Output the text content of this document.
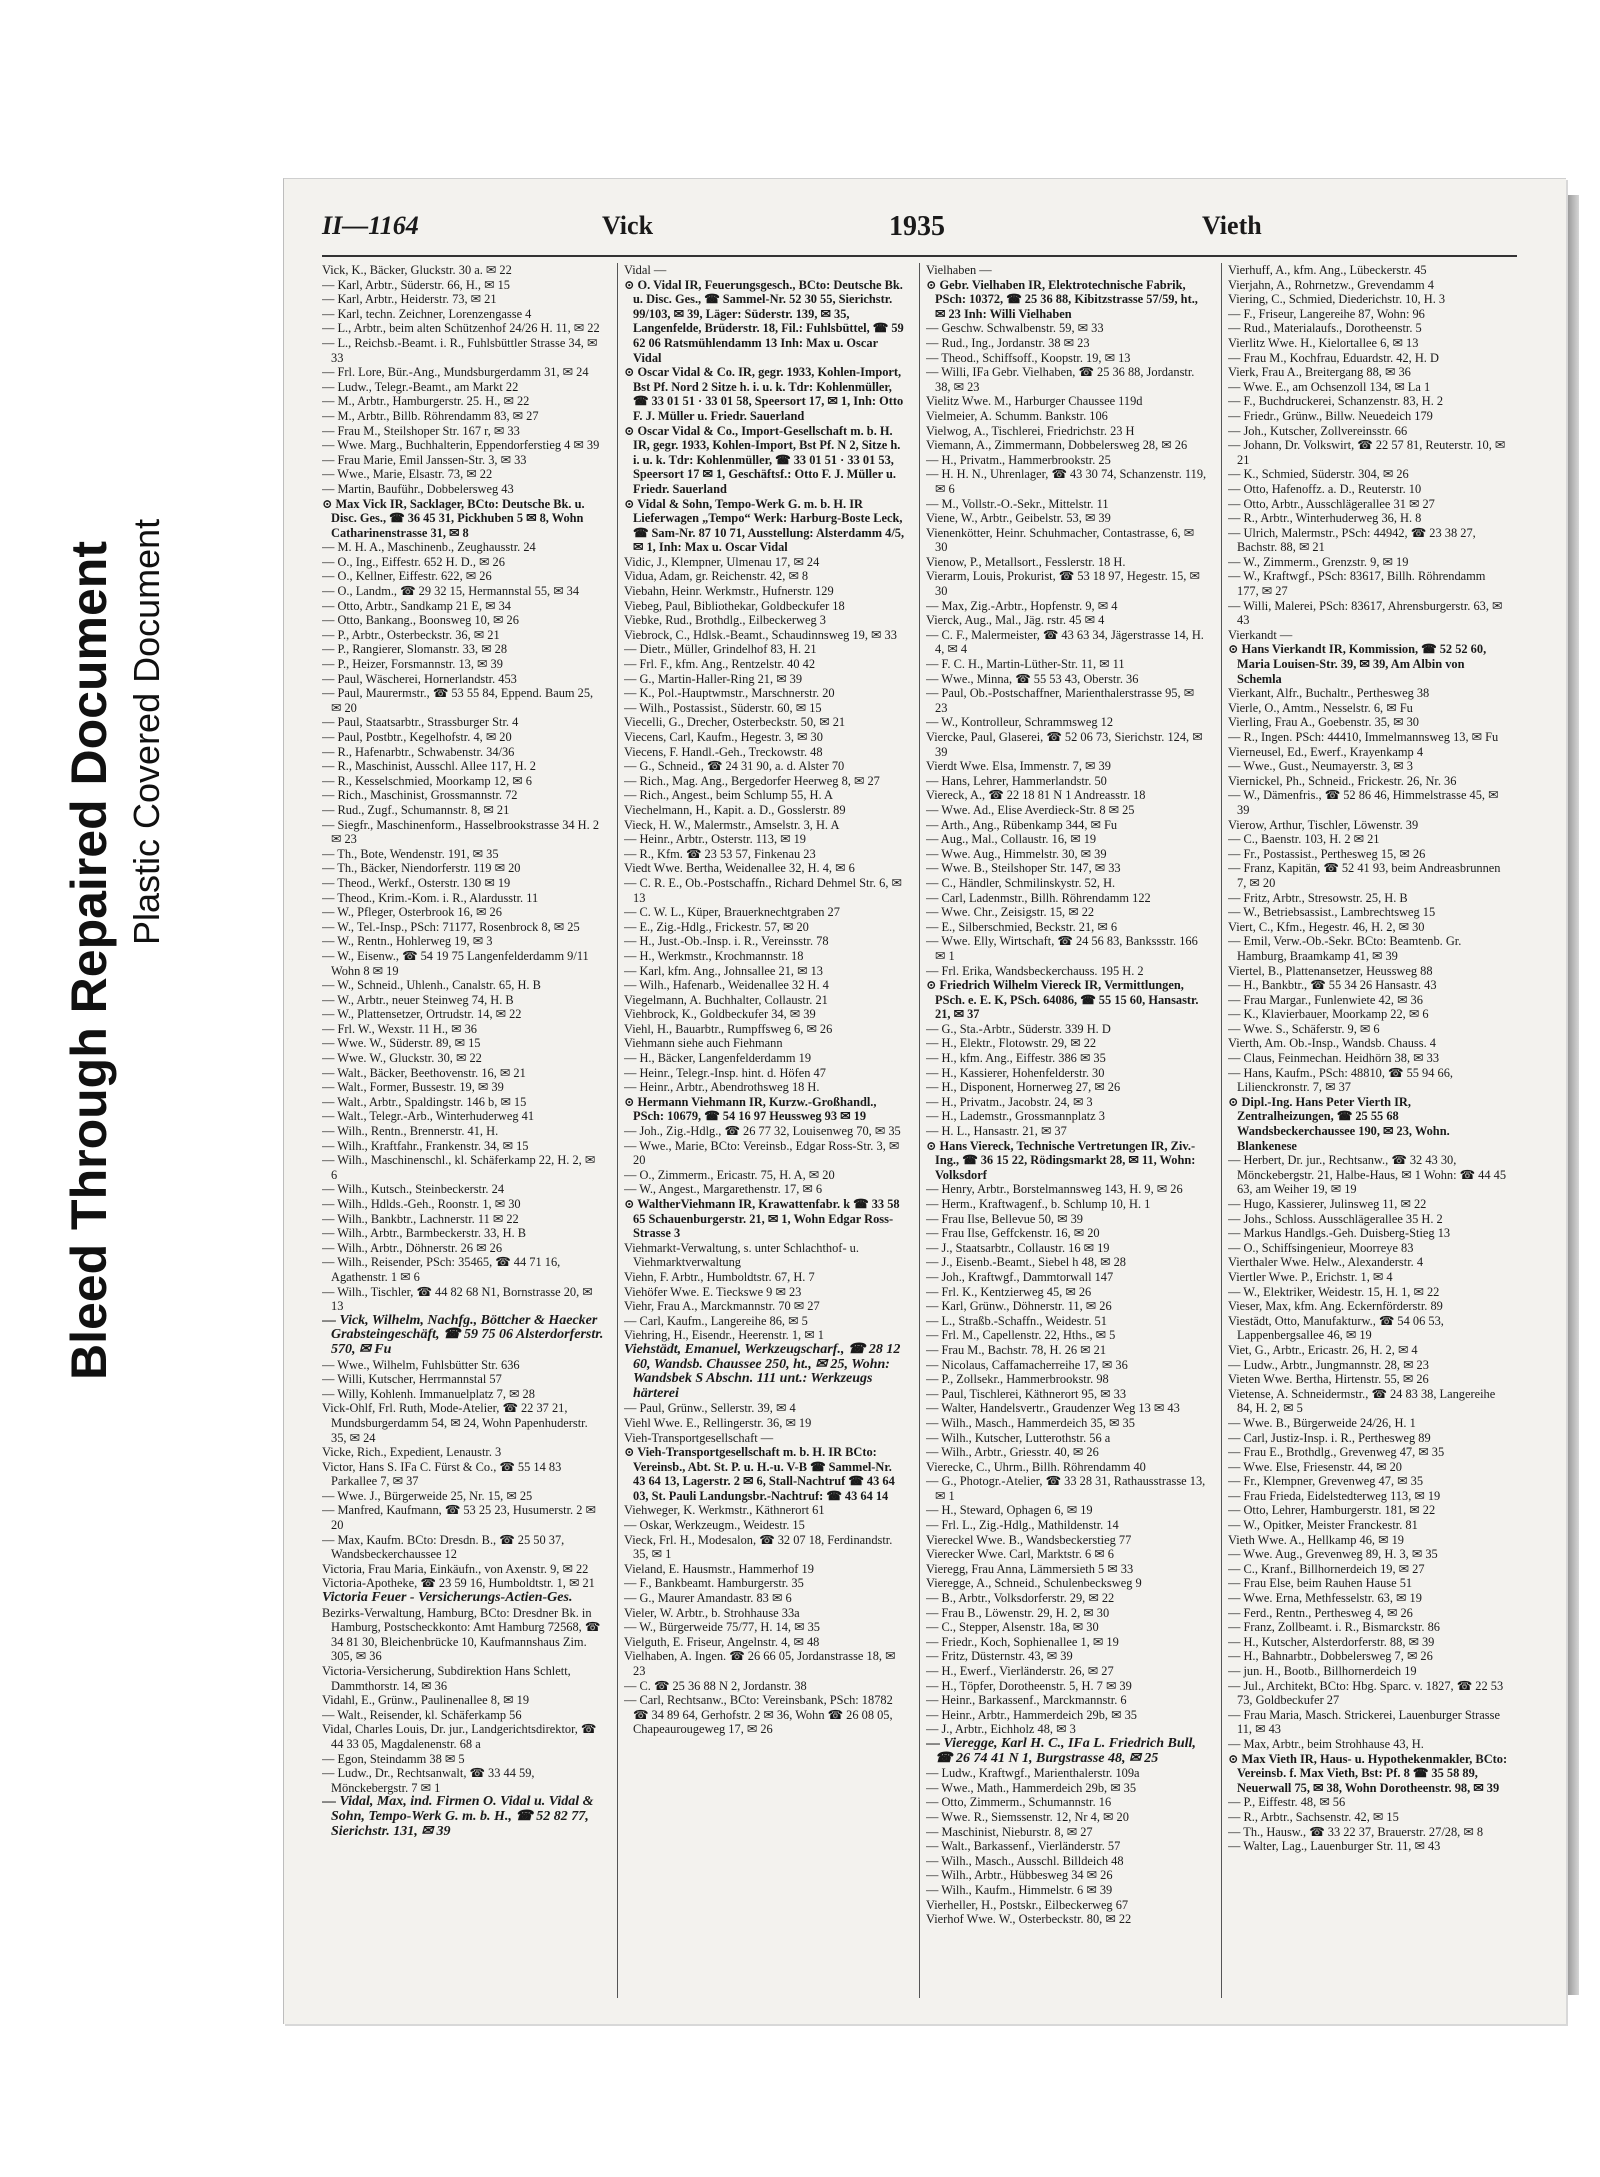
Bleed Through Repaired Document Plastic Covered Document
II—1164	Vick	1935	Vieth
Vick, K., Bäcker, Gluckstr. 30 a. ✉ 22
— Karl, Arbtr., Süderstr. 66, H., ✉ 15
— Karl, Arbtr., Heiderstr. 73, ✉ 21
— Karl, techn. Zeichner, Lorenzengasse 4
— L., Arbtr., beim alten Schützenhof 24/26 H. 11, ✉ 22
— L., Reichsb.-Beamt. i. R., Fuhlsbüttler Strasse 34, ✉ 33
— Frl. Lore, Bür.-Ang., Mundsburgerdamm 31, ✉ 24
— Ludw., Telegr.-Beamt., am Markt 22
— M., Arbtr., Hamburgerstr. 25. H., ✉ 22
— M., Arbtr., Billb. Röhrendamm 83, ✉ 27
— Frau M., Steilshoper Str. 167 r, ✉ 33
— Wwe. Marg., Buchhalterin, Eppendorferstieg 4 ✉ 39
— Frau Marie, Emil Janssen-Str. 3, ✉ 33
— Wwe., Marie, Elsastr. 73, ✉ 22
— Martin, Bauführ., Dobbelersweg 43
⊙ Max Vick IR, Sacklager, BCto: Deutsche Bk. u. Disc. Ges., ☎ 36 45 31, Pickhuben 5 ✉ 8, Wohn Catharinenstrasse 31, ✉ 8
— M. H. A., Maschinenb., Zeughausstr. 24
— O., Ing., Eiffestr. 652 H. D., ✉ 26
— O., Kellner, Eiffestr. 622, ✉ 26
— O., Landm., ☎ 29 32 15, Hermannstal 55, ✉ 34
— Otto, Arbtr., Sandkamp 21 E, ✉ 34
— Otto, Bankang., Boonsweg 10, ✉ 26
— P., Arbtr., Osterbeckstr. 36, ✉ 21
— P., Rangierer, Slomanstr. 33, ✉ 28
— P., Heizer, Forsmannstr. 13, ✉ 39
— Paul, Wäscherei, Hornerlandstr. 453
— Paul, Maurermstr., ☎ 53 55 84, Eppend. Baum 25, ✉ 20
— Paul, Staatsarbtr., Strassburger Str. 4
— Paul, Postbtr., Kegelhofstr. 4, ✉ 20
— R., Hafenarbtr., Schwabenstr. 34/36
— R., Maschinist, Ausschl. Allee 117, H. 2
— R., Kesselschmied, Moorkamp 12, ✉ 6
— Rich., Maschinist, Grossmannstr. 72
— Rud., Zugf., Schumannstr. 8, ✉ 21
— Siegfr., Maschinenform., Hasselbrookstrasse 34 H. 2 ✉ 23
— Th., Bote, Wendenstr. 191, ✉ 35
— Th., Bäcker, Niendorferstr. 119 ✉ 20
— Theod., Werkf., Osterstr. 130 ✉ 19
— Theod., Krim.-Kom. i. R., Alardusstr. 11
— W., Pfleger, Osterbrook 16, ✉ 26
— W., Tel.-Insp., PSch: 71177, Rosenbrock 8, ✉ 25
— W., Rentn., Hohlerweg 19, ✉ 3
— W., Eisenw., ☎ 54 19 75 Langenfelderdamm 9/11 Wohn 8 ✉ 19
— W., Schneid., Uhlenh., Canalstr. 65, H. B
— W., Arbtr., neuer Steinweg 74, H. B
— W., Plattensetzer, Ortrudstr. 14, ✉ 22
— Frl. W., Wexstr. 11 H., ✉ 36
— Wwe. W., Süderstr. 89, ✉ 15
— Wwe. W., Gluckstr. 30, ✉ 22
— Walt., Bäcker, Beethovenstr. 16, ✉ 21
— Walt., Former, Bussestr. 19, ✉ 39
— Walt., Arbtr., Spaldingstr. 146 b, ✉ 15
— Walt., Telegr.-Arb., Winterhuderweg 41
— Wilh., Rentn., Brennerstr. 41, H.
— Wilh., Kraftfahr., Frankenstr. 34, ✉ 15
— Wilh., Maschinenschl., kl. Schäferkamp 22, H. 2, ✉ 6
— Wilh., Kutsch., Steinbeckerstr. 24
— Wilh., Hdlds.-Geh., Roonstr. 1, ✉ 30
— Wilh., Bankbtr., Lachnerstr. 11 ✉ 22
— Wilh., Arbtr., Barmbeckerstr. 33, H. B
— Wilh., Arbtr., Döhnerstr. 26 ✉ 26
— Wilh., Reisender, PSch: 35465, ☎ 44 71 16, Agathenstr. 1 ✉ 6
— Wilh., Tischler, ☎ 44 82 68 N1, Bornstrasse 20, ✉ 13
— Vick, Wilhelm, Nachfg., Böttcher & Haecker Grabsteingeschäft, ☎ 59 75 06 Alsterdorferstr. 570, ✉ Fu
— Wwe., Wilhelm, Fuhlsbütter Str. 636
— Willi, Kutscher, Herrmannstal 57
— Willy, Kohlenh. Immanuelplatz 7, ✉ 28
Vick-Ohlf, Frl. Ruth, Mode-Atelier, ☎ 22 37 21, Mundsburgerdamm 54, ✉ 24, Wohn Papenhuderstr. 35, ✉ 24
Vicke, Rich., Expedient, Lenaustr. 3
Victor, Hans S. IFa C. Fürst & Co., ☎ 55 14 83 Parkallee 7, ✉ 37
— Wwe. J., Bürgerweide 25, Nr. 15, ✉ 25
— Manfred, Kaufmann, ☎ 53 25 23, Husumerstr. 2 ✉ 20
— Max, Kaufm. BCto: Dresdn. B., ☎ 25 50 37, Wandsbeckerchaussee 12
Victoria, Frau Maria, Einkäufn., von Axenstr. 9, ✉ 22
Victoria-Apotheke, ☎ 23 59 16, Humboldtstr. 1, ✉ 21
Victoria Feuer - Versicherungs-Actien-Ges.
Bezirks-Verwaltung, Hamburg, BCto: Dresdner Bk. in Hamburg, Postscheckkonto: Amt Hamburg 72568, ☎ 34 81 30, Bleichenbrücke 10, Kaufmannshaus Zim. 305, ✉ 36
Victoria-Versicherung, Subdirektion Hans Schlett, Dammthorstr. 14, ✉ 36
Vidahl, E., Grünw., Paulinenallee 8, ✉ 19
— Walt., Reisender, kl. Schäferkamp 56
Vidal, Charles Louis, Dr. jur., Landgerichtsdirektor, ☎ 44 33 05, Magdalenenstr. 68 a
— Egon, Steindamm 38 ✉ 5
— Ludw., Dr., Rechtsanwalt, ☎ 33 44 59, Mönckebergstr. 7 ✉ 1
— Vidal, Max, ind. Firmen O. Vidal u. Vidal & Sohn, Tempo-Werk G. m. b. H., ☎ 52 82 77, Sierichstr. 131, ✉ 39
Vidal —
⊙ O. Vidal IR, Feuerungsgesch., BCto: Deutsche Bk. u. Disc. Ges., ☎ Sammel-Nr. 52 30 55, Sierichstr. 99/103, ✉ 39, Läger: Süderstr. 139, ✉ 35, Langenfelde, Brüderstr. 18, Fil.: Fuhlsbüttel, ☎ 59 62 06 Ratsmühlendamm 13 Inh: Max u. Oscar Vidal
⊙ Oscar Vidal & Co. IR, gegr. 1933, Kohlen-Import, Bst Pf. Nord 2 Sitze h. i. u. k. Tdr: Kohlenmüller, ☎ 33 01 51 · 33 01 58, Speersort 17, ✉ 1, Inh: Otto F. J. Müller u. Friedr. Sauerland
⊙ Oscar Vidal & Co., Import-Gesellschaft m. b. H. IR, gegr. 1933, Kohlen-Import, Bst Pf. N 2, Sitze h. i. u. k. Tdr: Kohlenmüller, ☎ 33 01 51 · 33 01 53, Speersort 17 ✉ 1, Geschäftsf.: Otto F. J. Müller u. Friedr. Sauerland
⊙ Vidal & Sohn, Tempo-Werk G. m. b. H. IR Lieferwagen „Tempo“ Werk: Harburg-Boste Leck, ☎ Sam-Nr. 87 10 71, Ausstellung: Alsterdamm 4/5, ✉ 1, Inh: Max u. Oscar Vidal
Vidic, J., Klempner, Ulmenau 17, ✉ 24
Vidua, Adam, gr. Reichenstr. 42, ✉ 8
Viebahn, Heinr. Werkmstr., Hufnerstr. 129
Viebeg, Paul, Bibliothekar, Goldbeckufer 18
Viebke, Rud., Brothdlg., Eilbeckerweg 3
Viebrock, C., Hdlsk.-Beamt., Schaudinnsweg 19, ✉ 33
— Dietr., Müller, Grindelhof 83, H. 21
— Frl. F., kfm. Ang., Rentzelstr. 40 42
— G., Martin-Haller-Ring 21, ✉ 39
— K., Pol.-Hauptwmstr., Marschnerstr. 20
— Wilh., Postassist., Süderstr. 60, ✉ 15
Viecelli, G., Drecher, Osterbeckstr. 50, ✉ 21
Viecens, Carl, Kaufm., Hegestr. 3, ✉ 30
Viecens, F. Handl.-Geh., Treckowstr. 48
— G., Schneid., ☎ 24 31 90, a. d. Alster 70
— Rich., Mag. Ang., Bergedorfer Heerweg 8, ✉ 27
— Rich., Angest., beim Schlump 55, H. A
Viechelmann, H., Kapit. a. D., Gosslerstr. 89
Vieck, H. W., Malermstr., Amselstr. 3, H. A
— Heinr., Arbtr., Osterstr. 113, ✉ 19
— R., Kfm. ☎ 23 53 57, Finkenau 23
Viedt Wwe. Bertha, Weidenallee 32, H. 4, ✉ 6
— C. R. E., Ob.-Postschaffn., Richard Dehmel Str. 6, ✉ 13
— C. W. L., Küper, Brauerknechtgraben 27
— E., Zig.-Hdlg., Frickestr. 57, ✉ 20
— H., Just.-Ob.-Insp. i. R., Vereinsstr. 78
— H., Werkmstr., Krochmannstr. 18
— Karl, kfm. Ang., Johnsallee 21, ✉ 13
— Wilh., Hafenarb., Weidenallee 32 H. 4
Viegelmann, A. Buchhalter, Collaustr. 21
Viehbrock, K., Goldbeckufer 34, ✉ 39
Viehl, H., Bauarbtr., Rumpffsweg 6, ✉ 26
Viehmann siehe auch Fiehmann
— H., Bäcker, Langenfelderdamm 19
— Heinr., Telegr.-Insp. hint. d. Höfen 47
— Heinr., Arbtr., Abendrothsweg 18 H.
⊙ Hermann Viehmann IR, Kurzw.-Großhandl., PSch: 10679, ☎ 54 16 97 Heussweg 93 ✉ 19
— Joh., Zig.-Hdlg., ☎ 26 77 32, Louisenweg 70, ✉ 35
— Wwe., Marie, BCto: Vereinsb., Edgar Ross-Str. 3, ✉ 20
— O., Zimmerm., Ericastr. 75, H. A, ✉ 20
— W., Angest., Margarethenstr. 17, ✉ 6
⊙ WaltherViehmann IR, Krawattenfabr. k ☎ 33 58 65 Schauenburgerstr. 21, ✉ 1, Wohn Edgar Ross-Strasse 3
Viehmarkt-Verwaltung, s. unter Schlachthof- u. Viehmarktverwaltung
Viehn, F. Arbtr., Humboldtstr. 67, H. 7
Viehöfer Wwe. E. Tieckswe 9 ✉ 23
Viehr, Frau A., Marckmannstr. 70 ✉ 27
— Carl, Kaufm., Langereihe 86, ✉ 5
Viehring, H., Eisendr., Heerenstr. 1, ✉ 1
Viehstädt, Emanuel, Werkzeugscharf., ☎ 28 12 60, Wandsb. Chaussee 250, ht., ✉ 25, Wohn: Wandsbek S Abschn. 111 unt.: Werkzeugs härterei
— Paul, Grünw., Sellerstr. 39, ✉ 4
Viehl Wwe. E., Rellingerstr. 36, ✉ 19
Vieh-Transportgesellschaft —
⊙ Vieh-Transportgesellschaft m. b. H. IR BCto: Vereinsb., Abt. St. P. u. H.-u. V-B ☎ Sammel-Nr. 43 64 13, Lagerstr. 2 ✉ 6, Stall-Nachtruf ☎ 43 64 03, St. Pauli Landungsbr.-Nachtruf: ☎ 43 64 14
Viehweger, K. Werkmstr., Käthnerort 61
— Oskar, Werkzeugm., Weidestr. 15
Vieck, Frl. H., Modesalon, ☎ 32 07 18, Ferdinandstr. 35, ✉ 1
Vieland, E. Hausmstr., Hammerhof 19
— F., Bankbeamt. Hamburgerstr. 35
— G., Maurer Amandastr. 83 ✉ 6
Vieler, W. Arbtr., b. Strohhause 33a
— W., Bürgerweide 75/77, H. 14, ✉ 35
Vielguth, E. Friseur, Angelnstr. 4, ✉ 48
Vielhaben, A. Ingen. ☎ 26 66 05, Jordanstrasse 18, ✉ 23
— C. ☎ 25 36 88 N 2, Jordanstr. 38
— Carl, Rechtsanw., BCto: Vereinsbank, PSch: 18782 ☎ 34 89 64, Gerhofstr. 2 ✉ 36, Wohn ☎ 26 08 05, Chapeaurougeweg 17, ✉ 26
Vielhaben —
⊙ Gebr. Vielhaben IR, Elektrotechnische Fabrik, PSch: 10372, ☎ 25 36 88, Kibitzstrasse 57/59, ht., ✉ 23 Inh: Willi Vielhaben
— Geschw. Schwalbenstr. 59, ✉ 33
— Rud., Ing., Jordanstr. 38 ✉ 23
— Theod., Schiffsoff., Koopstr. 19, ✉ 13
— Willi, IFa Gebr. Vielhaben, ☎ 25 36 88, Jordanstr. 38, ✉ 23
Vielitz Wwe. M., Harburger Chaussee 119d
Vielmeier, A. Schumm. Bankstr. 106
Vielwog, A., Tischlerei, Friedrichstr. 23 H
Viemann, A., Zimmermann, Dobbelersweg 28, ✉ 26
— H., Privatm., Hammerbrookstr. 25
— H. H. N., Uhrenlager, ☎ 43 30 74, Schanzenstr. 119, ✉ 6
— M., Vollstr.-O.-Sekr., Mittelstr. 11
Viene, W., Arbtr., Geibelstr. 53, ✉ 39
Vienenkötter, Heinr. Schuhmacher, Contastrasse, 6, ✉ 30
Vienow, P., Metallsort., Fesslerstr. 18 H.
Vierarm, Louis, Prokurist, ☎ 53 18 97, Hegestr. 15, ✉ 30
— Max, Zig.-Arbtr., Hopfenstr. 9, ✉ 4
Vierck, Aug., Mal., Jäg. rstr. 45 ✉ 4
— C. F., Malermeister, ☎ 43 63 34, Jägerstrasse 14, H. 4, ✉ 4
— F. C. H., Martin-Lüther-Str. 11, ✉ 11
— Wwe., Minna, ☎ 55 53 43, Oberstr. 36
— Paul, Ob.-Postschaffner, Marienthalerstrasse 95, ✉ 23
— W., Kontrolleur, Schrammsweg 12
Viercke, Paul, Glaserei, ☎ 52 06 73, Sierichstr. 124, ✉ 39
Vierdt Wwe. Elsa, Immenstr. 7, ✉ 39
— Hans, Lehrer, Hammerlandstr. 50
Viereck, A., ☎ 22 18 81 N 1 Andreasstr. 18
— Wwe. Ad., Elise Averdieck-Str. 8 ✉ 25
— Arth., Ang., Rübenkamp 344, ✉ Fu
— Aug., Mal., Collaustr. 16, ✉ 19
— Wwe. Aug., Himmelstr. 30, ✉ 39
— Wwe. B., Steilshoper Str. 147, ✉ 33
— C., Händler, Schmilinskystr. 52, H.
— Carl, Ladenmstr., Billh. Röhrendamm 122
— Wwe. Chr., Zeisigstr. 15, ✉ 22
— E., Silberschmied, Beckstr. 21, ✉ 6
— Wwe. Elly, Wirtschaft, ☎ 24 56 83, Bankssstr. 166 ✉ 1
— Frl. Erika, Wandsbeckerchauss. 195 H. 2
⊙ Friedrich Wilhelm Viereck IR, Vermittlungen, PSch. e. E. K, PSch. 64086, ☎ 55 15 60, Hansastr. 21, ✉ 37
— G., Sta.-Arbtr., Süderstr. 339 H. D
— H., Elektr., Flotowstr. 29, ✉ 22
— H., kfm. Ang., Eiffestr. 386 ✉ 35
— H., Kassierer, Hohenfelderstr. 30
— H., Disponent, Hornerweg 27, ✉ 26
— H., Privatm., Jacobstr. 24, ✉ 3
— H., Lademstr., Grossmannplatz 3
— H. L., Hansastr. 21, ✉ 37
⊙ Hans Viereck, Technische Vertretungen IR, Ziv.-Ing., ☎ 36 15 22, Rödingsmarkt 28, ✉ 11, Wohn: Volksdorf
— Henry, Arbtr., Borstelmannsweg 143, H. 9, ✉ 26
— Herm., Kraftwagenf., b. Schlump 10, H. 1
— Frau Ilse, Bellevue 50, ✉ 39
— Frau Ilse, Geffckenstr. 16, ✉ 20
— J., Staatsarbtr., Collaustr. 16 ✉ 19
— J., Eisenb.-Beamt., Siebel h 48, ✉ 28
— Joh., Kraftwgf., Dammtorwall 147
— Frl. K., Kentzierweg 45, ✉ 26
— Karl, Grünw., Döhnerstr. 11, ✉ 26
— L., Straßb.-Schaffn., Weidestr. 51
— Frl. M., Capellenstr. 22, Hths., ✉ 5
— Frau M., Bachstr. 78, H. 26 ✉ 21
— Nicolaus, Caffamacherreihe 17, ✉ 36
— P., Zollsekr., Hammerbrookstr. 98
— Paul, Tischlerei, Käthnerort 95, ✉ 33
— Walter, Handelsvertr., Graudenzer Weg 13 ✉ 43
— Wilh., Masch., Hammerdeich 35, ✉ 35
— Wilh., Kutscher, Lutterothstr. 56 a
— Wilh., Arbtr., Griesstr. 40, ✉ 26
Vierecke, C., Uhrm., Billh. Röhrendamm 40
— G., Photogr.-Atelier, ☎ 33 28 31, Rathausstrasse 13, ✉ 1
— H., Steward, Ophagen 6, ✉ 19
— Frl. L., Zig.-Hdlg., Mathildenstr. 14
Viereckel Wwe. B., Wandsbeckerstieg 77
Vierecker Wwe. Carl, Marktstr. 6 ✉ 6
Vieregg, Frau Anna, Lämmersieth 5 ✉ 33
Vieregge, A., Schneid., Schulenbecksweg 9
— B., Arbtr., Volksdorferstr. 29, ✉ 22
— Frau B., Löwenstr. 29, H. 2, ✉ 30
— C., Stepper, Alsenstr. 18a, ✉ 30
— Friedr., Koch, Sophienallee 1, ✉ 19
— Fritz, Düsternstr. 43, ✉ 39
— H., Ewerf., Vierländerstr. 26, ✉ 27
— H., Töpfer, Dorotheenstr. 5, H. 7 ✉ 39
— Heinr., Barkassenf., Marckmannstr. 6
— Heinr., Arbtr., Hammerdeich 29b, ✉ 35
— J., Arbtr., Eichholz 48, ✉ 3
— Vieregge, Karl H. C., IFa L. Friedrich Bull, ☎ 26 74 41 N 1, Burgstrasse 48, ✉ 25
— Ludw., Kraftwgf., Marienthalerstr. 109a
— Wwe., Math., Hammerdeich 29b, ✉ 35
— Otto, Zimmerm., Schumannstr. 16
— Wwe. R., Siemssenstr. 12, Nr 4, ✉ 20
— Maschinist, Nieburstr. 8, ✉ 27
— Walt., Barkassenf., Vierländerstr. 57
— Wilh., Masch., Ausschl. Billdeich 48
— Wilh., Arbtr., Hübbesweg 34 ✉ 26
— Wilh., Kaufm., Himmelstr. 6 ✉ 39
Vierheller, H., Postskr., Eilbeckerweg 67
Vierhof Wwe. W., Osterbeckstr. 80, ✉ 22
Vierhuff, A., kfm. Ang., Lübeckerstr. 45
Vierjahn, A., Rohrnetzw., Grevendamm 4
Viering, C., Schmied, Diederichstr. 10, H. 3
— F., Friseur, Langereihe 87, Wohn: 96
— Rud., Materialaufs., Dorotheenstr. 5
Vierlitz Wwe. H., Kielortallee 6, ✉ 13
— Frau M., Kochfrau, Eduardstr. 42, H. D
Vierk, Frau A., Breitergang 88, ✉ 36
— Wwe. E., am Ochsenzoll 134, ✉ La 1
— F., Buchdruckerei, Schanzenstr. 83, H. 2
— Friedr., Grünw., Billw. Neuedeich 179
— Joh., Kutscher, Zollvereinsstr. 66
— Johann, Dr. Volkswirt, ☎ 22 57 81, Reuterstr. 10, ✉ 21
— K., Schmied, Süderstr. 304, ✉ 26
— Otto, Hafenoffz. a. D., Reuterstr. 10
— Otto, Arbtr., Ausschlägerallee 31 ✉ 27
— R., Arbtr., Winterhuderweg 36, H. 8
— Ulrich, Malermstr., PSch: 44942, ☎ 23 38 27, Bachstr. 88, ✉ 21
— W., Zimmerm., Grenzstr. 9, ✉ 19
— W., Kraftwgf., PSch: 83617, Billh. Röhrendamm 177, ✉ 27
— Willi, Malerei, PSch: 83617, Ahrensburgerstr. 63, ✉ 43
Vierkandt —
⊙ Hans Vierkandt IR, Kommission, ☎ 52 52 60, Maria Louisen-Str. 39, ✉ 39, Am Albin von Schemla
Vierkant, Alfr., Buchaltr., Perthesweg 38
Vierle, O., Amtm., Nesselstr. 6, ✉ Fu
Vierling, Frau A., Goebenstr. 35, ✉ 30
— R., Ingen. PSch: 44410, Immelmannsweg 13, ✉ Fu
Vierneusel, Ed., Ewerf., Krayenkamp 4
— Wwe., Gust., Neumayerstr. 3, ✉ 3
Viernickel, Ph., Schneid., Frickestr. 26, Nr. 36
— W., Dämenfris., ☎ 52 86 46, Himmelstrasse 45, ✉ 39
Vierow, Arthur, Tischler, Löwenstr. 39
— C., Baenstr. 103, H. 2 ✉ 21
— Fr., Postassist., Perthesweg 15, ✉ 26
— Franz, Kapitän, ☎ 52 41 93, beim Andreasbrunnen 7, ✉ 20
— Fritz, Arbtr., Stresowstr. 25, H. B
— W., Betriebsassist., Lambrechtsweg 15
Viert, C., Kfm., Hegestr. 46, H. 2, ✉ 30
— Emil, Verw.-Ob.-Sekr. BCto: Beamtenb. Gr. Hamburg, Braamkamp 41, ✉ 39
Viertel, B., Plattenansetzer, Heussweg 88
— H., Bankbtr., ☎ 55 34 26 Hansastr. 43
— Frau Margar., Funlenwiete 42, ✉ 36
— K., Klavierbauer, Moorkamp 22, ✉ 6
— Wwe. S., Schäferstr. 9, ✉ 6
Vierth, Am. Ob.-Insp., Wandsb. Chauss. 4
— Claus, Feinmechan. Heidhörn 38, ✉ 33
— Hans, Kaufm., PSch: 48810, ☎ 55 94 66, Lilienckronstr. 7, ✉ 37
⊙ Dipl.-Ing. Hans Peter Vierth IR, Zentralheizungen, ☎ 25 55 68 Wandsbeckerchaussee 190, ✉ 23, Wohn. Blankenese
— Herbert, Dr. jur., Rechtsanw., ☎ 32 43 30, Mönckebergstr. 21, Halbe-Haus, ✉ 1 Wohn: ☎ 44 45 63, am Weiher 19, ✉ 19
— Hugo, Kassierer, Julinsweg 11, ✉ 22
— Johs., Schloss. Ausschlägerallee 35 H. 2
— Markus Handlgs.-Geh. Duisberg-Stieg 13
— O., Schiffsingenieur, Moorreye 83
Vierthaler Wwe. Helw., Alexanderstr. 4
Viertler Wwe. P., Erichstr. 1, ✉ 4
— W., Elektriker, Weidestr. 15, H. 1, ✉ 22
Vieser, Max, kfm. Ang. Eckernförderstr. 89
Viestädt, Otto, Manufakturw., ☎ 54 06 53, Lappenbergsallee 46, ✉ 19
Viet, G., Arbtr., Ericastr. 26, H. 2, ✉ 4
— Ludw., Arbtr., Jungmannstr. 28, ✉ 23
Vieten Wwe. Bertha, Hirtenstr. 55, ✉ 26
Vietense, A. Schneidermstr., ☎ 24 83 38, Langereihe 84, H. 2, ✉ 5
— Wwe. B., Bürgerweide 24/26, H. 1
— Carl, Justiz-Insp. i. R., Perthesweg 89
— Frau E., Brothdlg., Grevenweg 47, ✉ 35
— Wwe. Else, Friesenstr. 44, ✉ 20
— Fr., Klempner, Grevenweg 47, ✉ 35
— Frau Frieda, Eidelstedterweg 113, ✉ 19
— Otto, Lehrer, Hamburgerstr. 181, ✉ 22
— W., Opitker, Meister Franckestr. 81
Vieth Wwe. A., Hellkamp 46, ✉ 19
— Wwe. Aug., Grevenweg 89, H. 3, ✉ 35
— C., Kranf., Billhornerdeich 19, ✉ 27
— Frau Else, beim Rauhen Hause 51
— Wwe. Erna, Methfesselstr. 63, ✉ 19
— Ferd., Rentn., Perthesweg 4, ✉ 26
— Franz, Zollbeamt. i. R., Bismarckstr. 86
— H., Kutscher, Alsterdorferstr. 88, ✉ 39
— H., Bahnarbtr., Dobbelersweg 7, ✉ 26
— jun. H., Bootb., Billhornerdeich 19
— Jul., Architekt, BCto: Hbg. Sparc. v. 1827, ☎ 22 53 73, Goldbeckufer 27
— Frau Maria, Masch. Strickerei, Lauenburger Strasse 11, ✉ 43
— Max, Arbtr., beim Strohhause 43, H.
⊙ Max Vieth IR, Haus- u. Hypothekenmakler, BCto: Vereinsb. f. Max Vieth, Bst: Pf. 8 ☎ 35 58 89, Neuerwall 75, ✉ 38, Wohn Dorotheenstr. 98, ✉ 39
— P., Eiffestr. 48, ✉ 56
— R., Arbtr., Sachsenstr. 42, ✉ 15
— Th., Hausw., ☎ 33 22 37, Brauerstr. 27/28, ✉ 8
— Walter, Lag., Lauenburger Str. 11, ✉ 43
